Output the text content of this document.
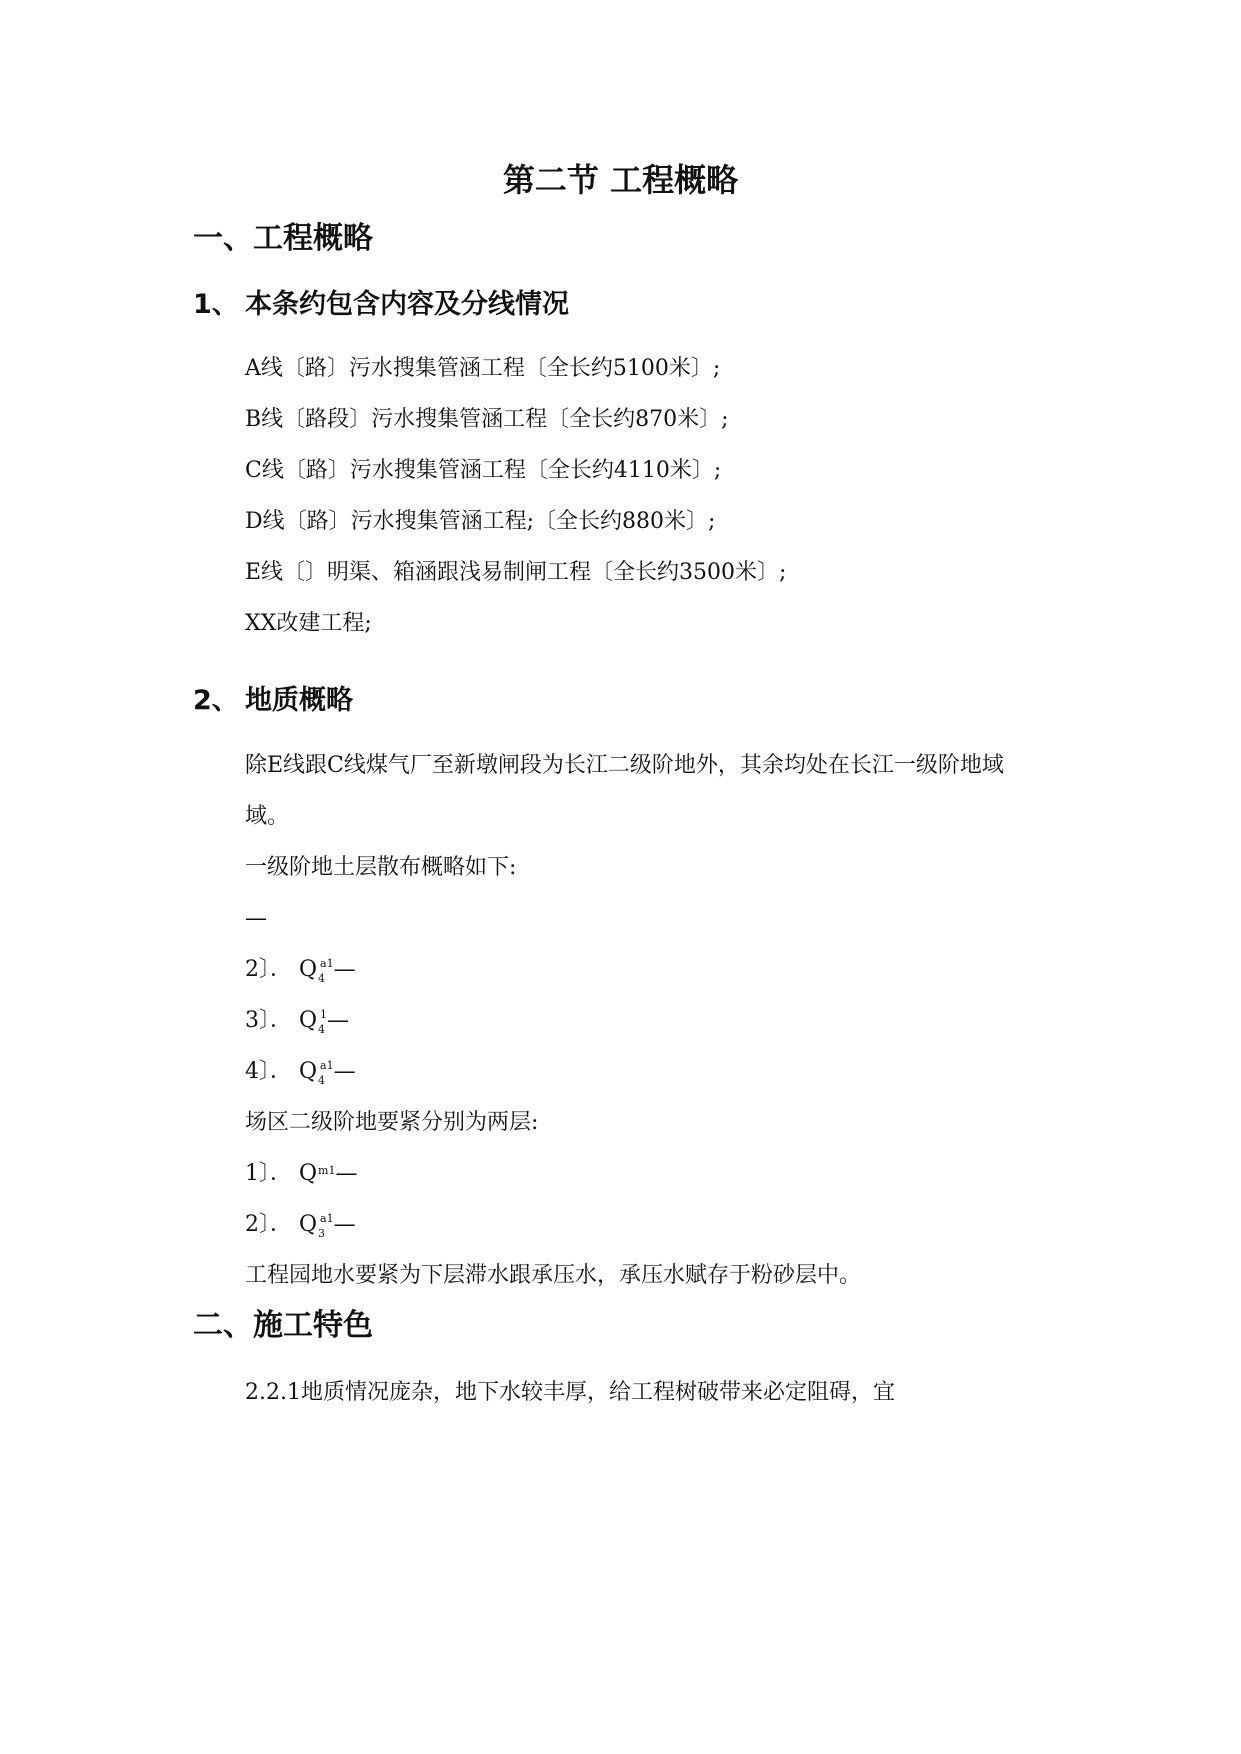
第二节 工程概略
一、工程概略
1、 本条约包含内容及分线情况
A线〔路〕污水搜集管涵工程〔全长约5100米〕;
B线〔路段〕污水搜集管涵工程〔全长约870米〕;
C线〔路〕污水搜集管涵工程〔全长约4110米〕;
D线〔路〕污水搜集管涵工程;〔全长约880米〕;
E线〔〕明渠、箱涵跟浅易制闸工程〔全长约3500米〕;
XX改建工程;
2、 地质概略
除E线跟C线煤气厂至新墩闸段为长江二级阶地外，其余均处在长江一级阶地域域。
一级阶地土层散布概略如下:
—
2〕． $Q_4^{a1}—$
3〕． $Q_4^1—$
4〕． $Q_4^{a1}—$
场区二级阶地要紧分别为两层:
1〕． $Q^{m1}—$
2〕． $Q_3^{a1}—$
工程园地水要紧为下层滞水跟承压水，承压水赋存于粉砂层中。
二、施工特色
2.2.1地质情况庞杂，地下水较丰厚，给工程树破带来必定阻碍，宜
